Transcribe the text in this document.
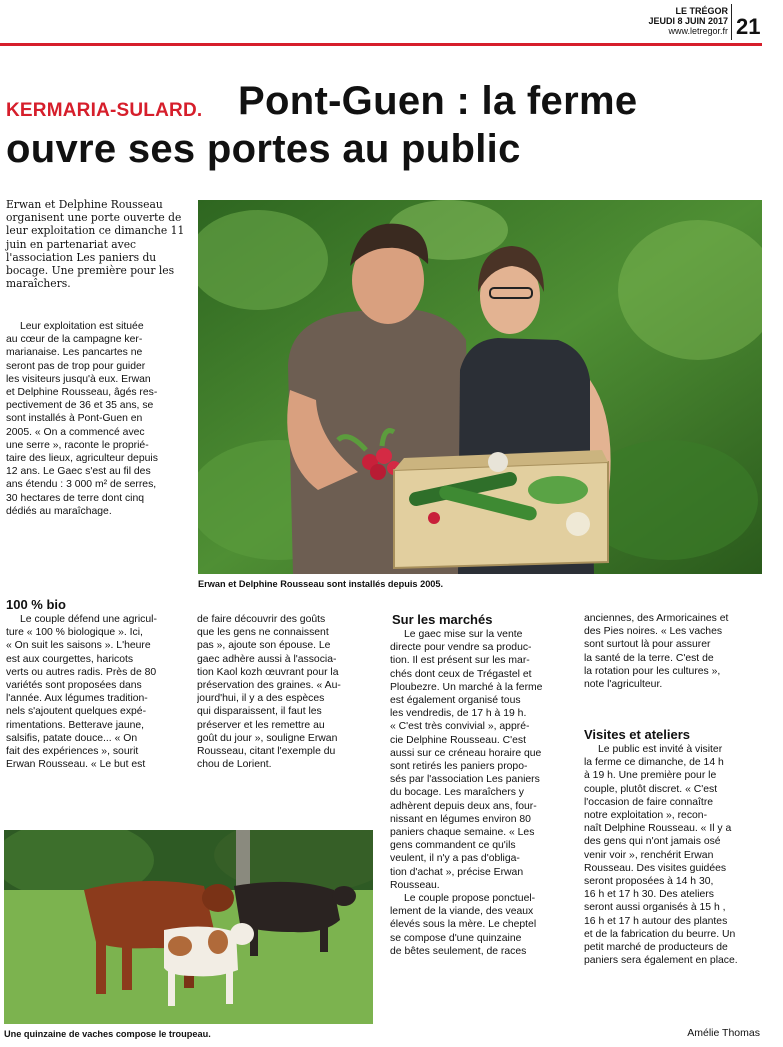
LE TRÉGOR
JEUDI 8 JUIN 2017
www.letregor.fr 21
KERMARIA-SULARD. Pont-Guen : la ferme
ouvre ses portes au public
Erwan et Delphine Rousseau organisent une porte ouverte de leur exploitation ce dimanche 11 juin en partenariat avec l'association Les paniers du bocage. Une première pour les maraîchers.
Leur exploitation est située
au cœur de la campagne ker-
marianaise. Les pancartes ne
seront pas de trop pour guider
les visiteurs jusqu'à eux. Erwan
et Delphine Rousseau, âgés res-
pectivement de 36 et 35 ans, se
sont installés à Pont-Guen en
2005. « On a commencé avec
une serre », raconte le proprié-
taire des lieux, agriculteur depuis
12 ans. Le Gaec s'est au fil des
ans étendu : 3 000 m² de serres,
30 hectares de terre dont cinq
dédiés au maraîchage.
Erwan et Delphine Rousseau sont installés depuis 2005.
100 % bio
Le couple défend une agricul-
ture « 100 % biologique ». Ici,
« On suit les saisons ». L'heure
est aux courgettes, haricots
verts ou autres radis. Près de 80
variétés sont proposées dans
l'année. Aux légumes tradition-
nels s'ajoutent quelques expé-
rimentations. Betterave jaune,
salsifis, patate douce... « On
fait des expériences », sourit
Erwan Rousseau. « Le but est
de faire découvrir des goûts
que les gens ne connaissent
pas », ajoute son épouse. Le
gaec adhère aussi à l'associa-
tion Kaol kozh œuvrant pour la
préservation des graines. « Au-
jourd'hui, il y a des espèces
qui disparaissent, il faut les
préserver et les remettre au
goût du jour », souligne Erwan
Rousseau, citant l'exemple du
chou de Lorient.
Sur les marchés
Le gaec mise sur la vente
directe pour vendre sa produc-
tion. Il est présent sur les mar-
chés dont ceux de Trégastel et
Ploubezre. Un marché à la ferme
est également organisé tous
les vendredis, de 17 h à 19 h.
« C'est très convivial », appré-
cie Delphine Rousseau. C'est
aussi sur ce créneau horaire que
sont retirés les paniers propo-
sés par l'association Les paniers
du bocage. Les maraîchers y
adhèrent depuis deux ans, four-
nissant en légumes environ 80
paniers chaque semaine. « Les
gens commandent ce qu'ils
veulent, il n'y a pas d'obliga-
tion d'achat », précise Erwan
Rousseau.
Le couple propose ponctuel-
lement de la viande, des veaux
élevés sous la mère. Le cheptel
se compose d'une quinzaine
de bêtes seulement, de races
anciennes, des Armoricaines et
des Pies noires. « Les vaches
sont surtout là pour assurer
la santé de la terre. C'est de
la rotation pour les cultures »,
note l'agriculteur.
Visites et ateliers
Le public est invité à visiter
la ferme ce dimanche, de 14 h
à 19 h. Une première pour le
couple, plutôt discret. « C'est
l'occasion de faire connaître
notre exploitation », recon-
naît Delphine Rousseau. « Il y a
des gens qui n'ont jamais osé
venir voir », renchérit Erwan
Rousseau. Des visites guidées
seront proposées à 14 h 30,
16 h et 17 h 30. Des ateliers
seront aussi organisés à 15 h ,
16 h et 17 h autour des plantes
et de la fabrication du beurre. Un
petit marché de producteurs de
paniers sera également en place.
Amélie Thomas
Une quinzaine de vaches compose le troupeau.
